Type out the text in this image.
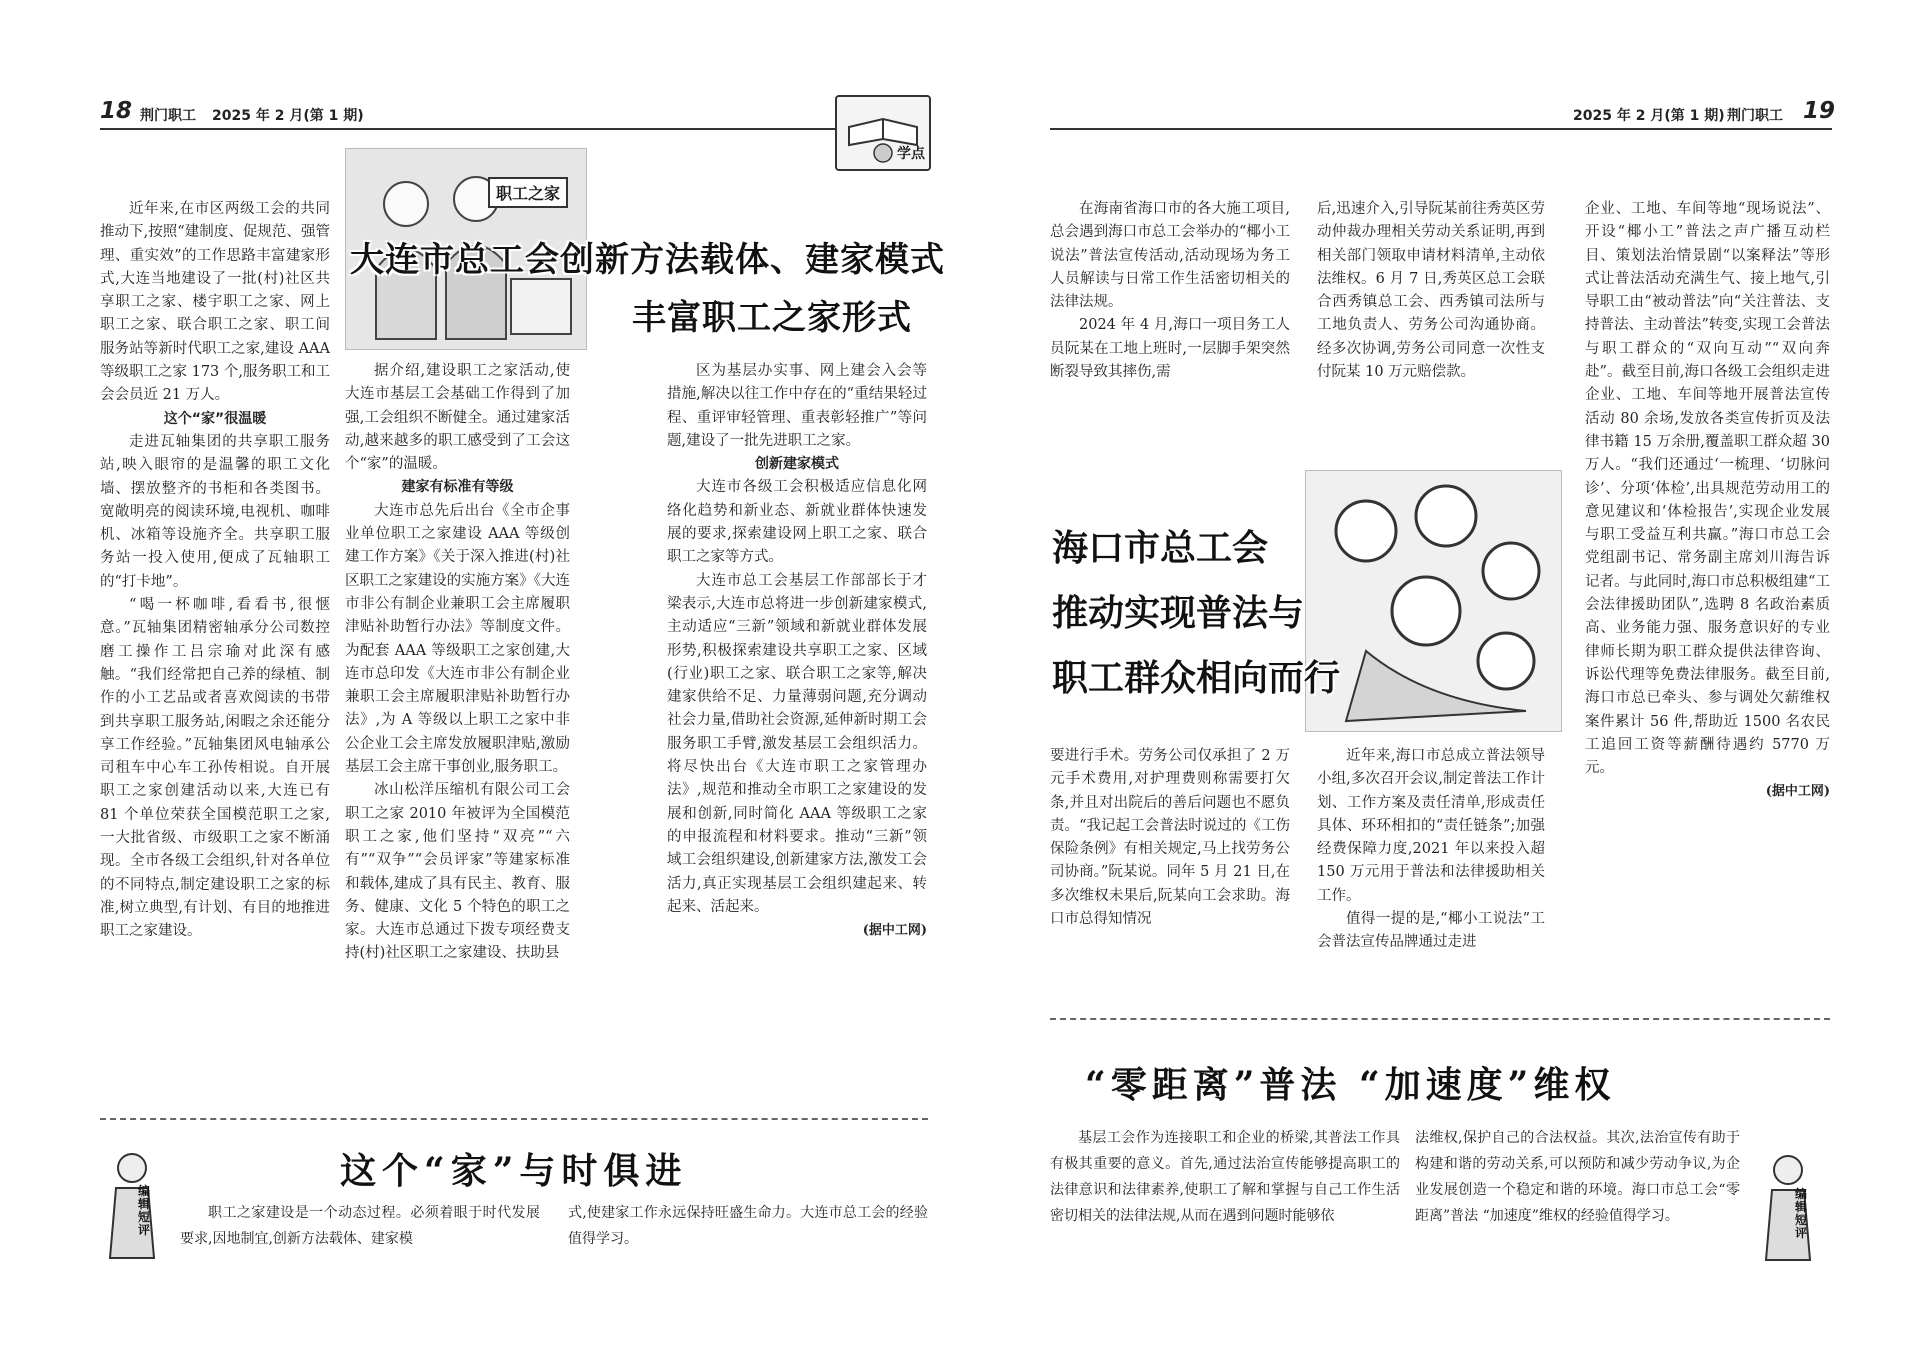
18 荆门职工 2025 年 2 月(第 1 期)
学点
2025 年 2 月(第 1 期) 荆门职工 19
职工之家
大连市总工会创新方法载体、建家模式
丰富职工之家形式

近年来,在市区两级工会的共同推动下,按照“建制度、促规范、强管理、重实效”的工作思路丰富建家形式,大连当地建设了一批(村)社区共享职工之家、楼宇职工之家、网上职工之家、联合职工之家、职工间服务站等新时代职工之家,建设 AAA 等级职工之家 173 个,服务职工和工会会员近 21 万人。

这个“家”很温暖

走进瓦轴集团的共享职工服务站,映入眼帘的是温馨的职工文化墙、摆放整齐的书柜和各类图书。宽敞明亮的阅读环境,电视机、咖啡机、冰箱等设施齐全。共享职工服务站一投入使用,便成了瓦轴职工的“打卡地”。

“喝一杯咖啡,看看书,很惬意。”瓦轴集团精密轴承分公司数控磨工操作工吕宗瑜对此深有感触。“我们经常把自己养的绿植、制作的小工艺品或者喜欢阅读的书带到共享职工服务站,闲暇之余还能分享工作经验。”瓦轴集团风电轴承公司租车中心车工孙传相说。自开展职工之家创建活动以来,大连已有 81 个单位荣获全国模范职工之家,一大批省级、市级职工之家不断涌现。全市各级工会组织,针对各单位的不同特点,制定建设职工之家的标准,树立典型,有计划、有目的地推进职工之家建设。

据介绍,建设职工之家活动,使大连市基层工会基础工作得到了加强,工会组织不断健全。通过建家活动,越来越多的职工感受到了工会这个“家”的温暖。

建家有标准有等级

大连市总先后出台《全市企事业单位职工之家建设 AAA 等级创建工作方案》《关于深入推进(村)社区职工之家建设的实施方案》《大连市非公有制企业兼职工会主席履职津贴补助暂行办法》等制度文件。为配套 AAA 等级职工之家创建,大连市总印发《大连市非公有制企业兼职工会主席履职津贴补助暂行办法》,为 A 等级以上职工之家中非公企业工会主席发放履职津贴,激励基层工会主席干事创业,服务职工。

冰山松洋压缩机有限公司工会职工之家 2010 年被评为全国模范职工之家,他们坚持“双亮”“六有”“双争”“会员评家”等建家标准和载体,建成了具有民主、教育、服务、健康、文化 5 个特色的职工之家。大连市总通过下拨专项经费支持(村)社区职工之家建设、扶助县

区为基层办实事、网上建会入会等措施,解决以往工作中存在的“重结果轻过程、重评审轻管理、重表彰轻推广”等问题,建设了一批先进职工之家。

创新建家模式

大连市各级工会积极适应信息化网络化趋势和新业态、新就业群体快速发展的要求,探索建设网上职工之家、联合职工之家等方式。

大连市总工会基层工作部部长于才梁表示,大连市总将进一步创新建家模式,主动适应“三新”领域和新就业群体发展形势,积极探索建设共享职工之家、区域(行业)职工之家、联合职工之家等,解决建家供给不足、力量薄弱问题,充分调动社会力量,借助社会资源,延伸新时期工会服务职工手臂,激发基层工会组织活力。将尽快出台《大连市职工之家管理办法》,规范和推动全市职工之家建设的发展和创新,同时简化 AAA 等级职工之家的申报流程和材料要求。推动“三新”领域工会组织建设,创新建家方法,激发工会活力,真正实现基层工会组织建起来、转起来、活起来。

(据中工网)

编辑短评
这个“家”与时俱进
职工之家建设是一个动态过程。必须着眼于时代发展要求,因地制宜,创新方法载体、建家模
式,使建家工作永远保持旺盛生命力。大连市总工会的经验值得学习。

在海南省海口市的各大施工项目,总会遇到海口市总工会举办的“椰小工说法”普法宣传活动,活动现场为务工人员解读与日常工作生活密切相关的法律法规。

2024 年 4 月,海口一项目务工人员阮某在工地上班时,一层脚手架突然断裂导致其摔伤,需

后,迅速介入,引导阮某前往秀英区劳动仲裁办理相关劳动关系证明,再到相关部门领取申请材料清单,主动依法维权。6 月 7 日,秀英区总工会联合西秀镇总工会、西秀镇司法所与工地负责人、劳务公司沟通协商。经多次协调,劳务公司同意一次性支付阮某 10 万元赔偿款。

海口市总工会
推动实现普法与
职工群众相向而行

要进行手术。劳务公司仅承担了 2 万元手术费用,对护理费则称需要打欠条,并且对出院后的善后问题也不愿负责。“我记起工会普法时说过的《工伤保险条例》有相关规定,马上找劳务公司协商。”阮某说。同年 5 月 21 日,在多次维权未果后,阮某向工会求助。海口市总得知情况

近年来,海口市总成立普法领导小组,多次召开会议,制定普法工作计划、工作方案及责任清单,形成责任具体、环环相扣的“责任链条”;加强经费保障力度,2021 年以来投入超 150 万元用于普法和法律援助相关工作。

值得一提的是,“椰小工说法”工会普法宣传品牌通过走进

企业、工地、车间等地“现场说法”、开设“椰小工”普法之声广播互动栏目、策划法治情景剧“以案释法”等形式让普法活动充满生气、接上地气,引导职工由“被动普法”向“关注普法、支持普法、主动普法”转变,实现工会普法与职工群众的“双向互动”“双向奔赴”。截至目前,海口各级工会组织走进企业、工地、车间等地开展普法宣传活动 80 余场,发放各类宣传折页及法律书籍 15 万余册,覆盖职工群众超 30 万人。“我们还通过‘一梳理、‘切脉问诊’、分项‘体检’,出具规范劳动用工的意见建议和‘体检报告’,实现企业发展与职工受益互利共赢。”海口市总工会党组副书记、常务副主席刘川海告诉记者。与此同时,海口市总积极组建“工会法律援助团队”,选聘 8 名政治素质高、业务能力强、服务意识好的专业律师长期为职工群众提供法律咨询、诉讼代理等免费法律服务。截至目前,海口市总已牵头、参与调处欠薪维权案件累计 56 件,帮助近 1500 名农民工追回工资等薪酬待遇约 5770 万元。

(据中工网)

“零距离”普法 “加速度”维权
基层工会作为连接职工和企业的桥梁,其普法工作具有极其重要的意义。首先,通过法治宣传能够提高职工的法律意识和法律素养,使职工了解和掌握与自己工作生活密切相关的法律法规,从而在遇到问题时能够依
法维权,保护自己的合法权益。其次,法治宣传有助于构建和谐的劳动关系,可以预防和减少劳动争议,为企业发展创造一个稳定和谐的环境。海口市总工会“零距离”普法 “加速度”维权的经验值得学习。
编辑短评
